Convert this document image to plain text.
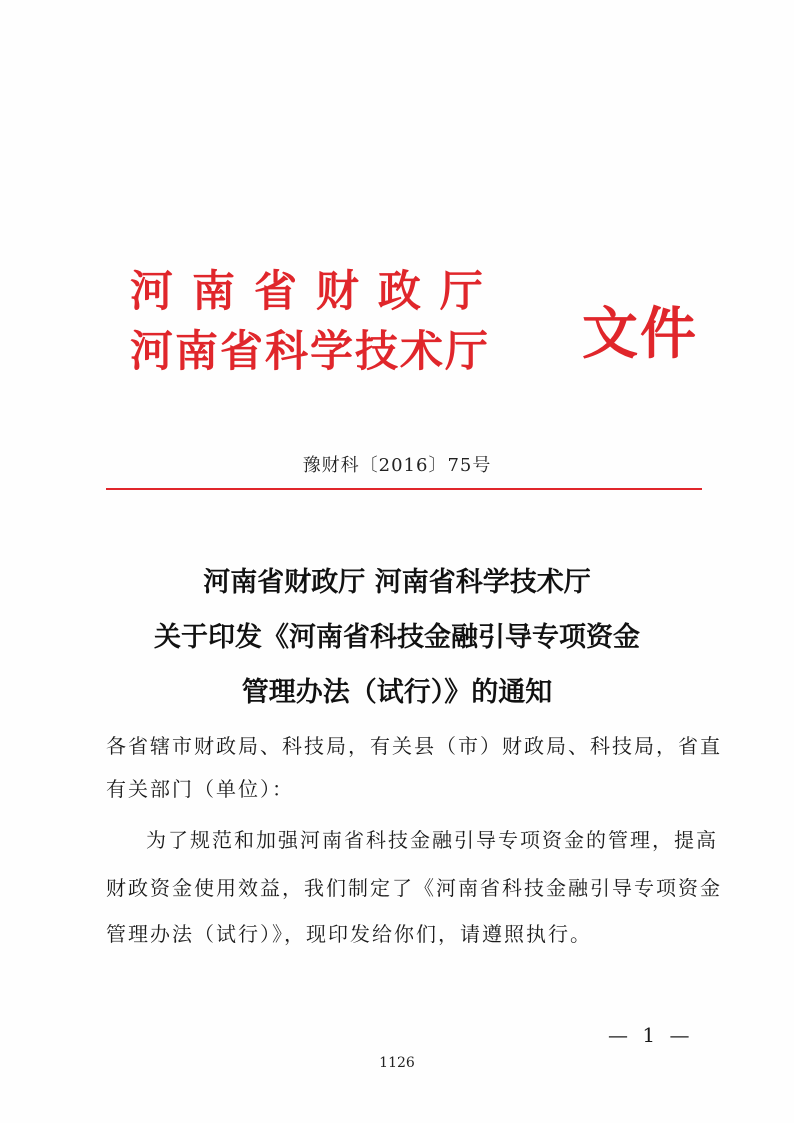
河 南 省 财 政 厅
河南省科学技术厅 文件
豫财科〔2016〕75号
河南省财政厅 河南省科学技术厅
关于印发《河南省科技金融引导专项资金
管理办法（试行）》的通知
各省辖市财政局、科技局，有关县（市）财政局、科技局，省直
有关部门（单位）：
为了规范和加强河南省科技金融引导专项资金的管理，提高
财政资金使用效益，我们制定了《河南省科技金融引导专项资金
管理办法（试行）》，现印发给你们，请遵照执行。
— 1 —
1126
